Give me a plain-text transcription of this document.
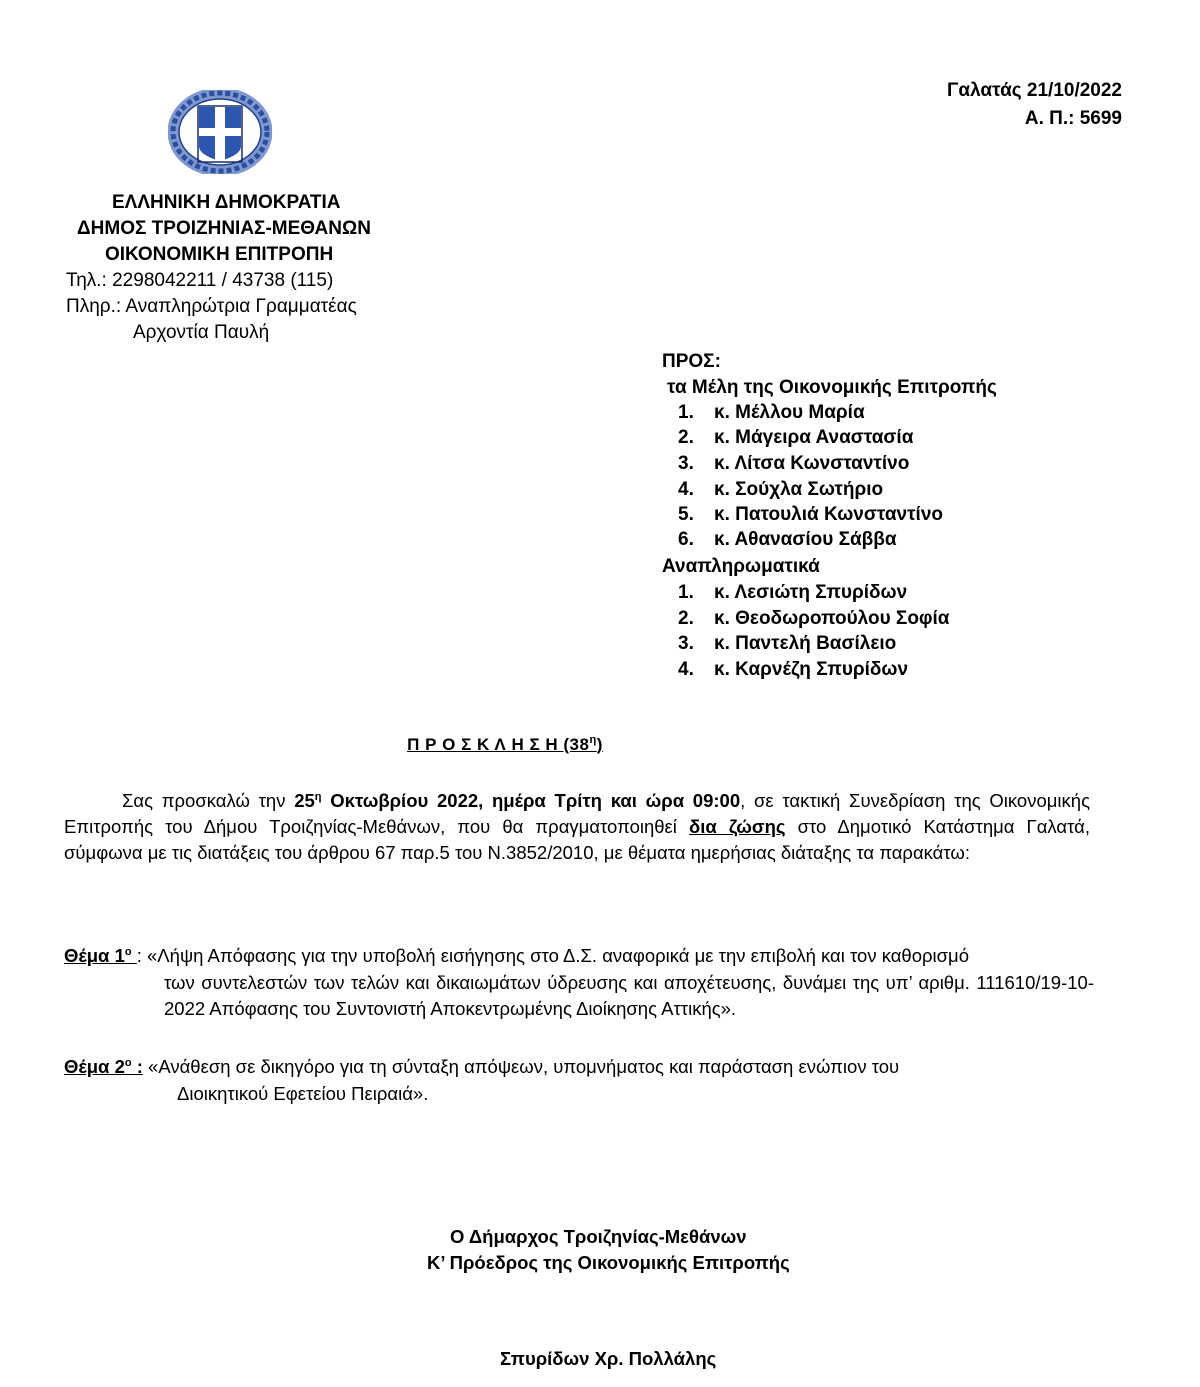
Γαλατάς 21/10/2022
Α. Π.: 5699
ΕΛΛΗΝΙΚΗ ΔΗΜΟΚΡΑΤΙΑ
ΔΗΜΟΣ ΤΡΟΙΖΗΝΙΑΣ-ΜΕΘΑΝΩΝ
ΟΙΚΟΝΟΜΙΚΗ ΕΠΙΤΡΟΠΗ
Τηλ.: 2298042211 / 43738 (115)
Πληρ.: Αναπληρώτρια Γραμματέας
Αρχοντία Παυλή
ΠΡΟΣ:
τα Μέλη της Οικονομικής Επιτροπής
1. κ. Μέλλου Μαρία
2. κ. Μάγειρα Αναστασία
3. κ. Λίτσα Κωνσταντίνο
4. κ. Σούχλα Σωτήριο
5. κ. Πατουλιά Κωνσταντίνο
6. κ. Αθανασίου Σάββα
Αναπληρωματικά
1. κ. Λεσιώτη Σπυρίδων
2. κ. Θεοδωροπούλου Σοφία
3. κ. Παντελή Βασίλειο
4. κ. Καρνέζη Σπυρίδων
Π Ρ Ο Σ Κ Λ Η Σ Η $(38^\eta)$
Σας προσκαλώ την $25^\eta$ Οκτωβρίου 2022, ημέρα Τρίτη και ώρα 09:00, σε τακτική Συνεδρίαση της Οικονομικής Επιτροπής του Δήμου Τροιζηνίας-Μεθάνων, που θα πραγματοποιηθεί δια ζώσης στο Δημοτικό Κατάστημα Γαλατά, σύμφωνα με τις διατάξεις του άρθρου 67 παρ.5 του Ν.3852/2010, με θέματα ημερήσιας διάταξης τα παρακάτω:
Θέμα $1^o$ : «Λήψη Απόφασης για την υποβολή εισήγησης στο Δ.Σ. αναφορικά με την επιβολή και τον καθορισμό
των συντελεστών των τελών και δικαιωμάτων ύδρευσης και αποχέτευσης, δυνάμει της υπ’ αριθμ. 111610/19-10-2022 Απόφασης του Συντονιστή Αποκεντρωμένης Διοίκησης Αττικής».
Θέμα $2^o$ : «Ανάθεση σε δικηγόρο για τη σύνταξη απόψεων, υπομνήματος και παράσταση ενώπιον του
Διοικητικού Εφετείου Πειραιά».
Ο Δήμαρχος Τροιζηνίας-Μεθάνων
Κ’ Πρόεδρος της Οικονομικής Επιτροπής
Σπυρίδων Χρ. Πολλάλης
